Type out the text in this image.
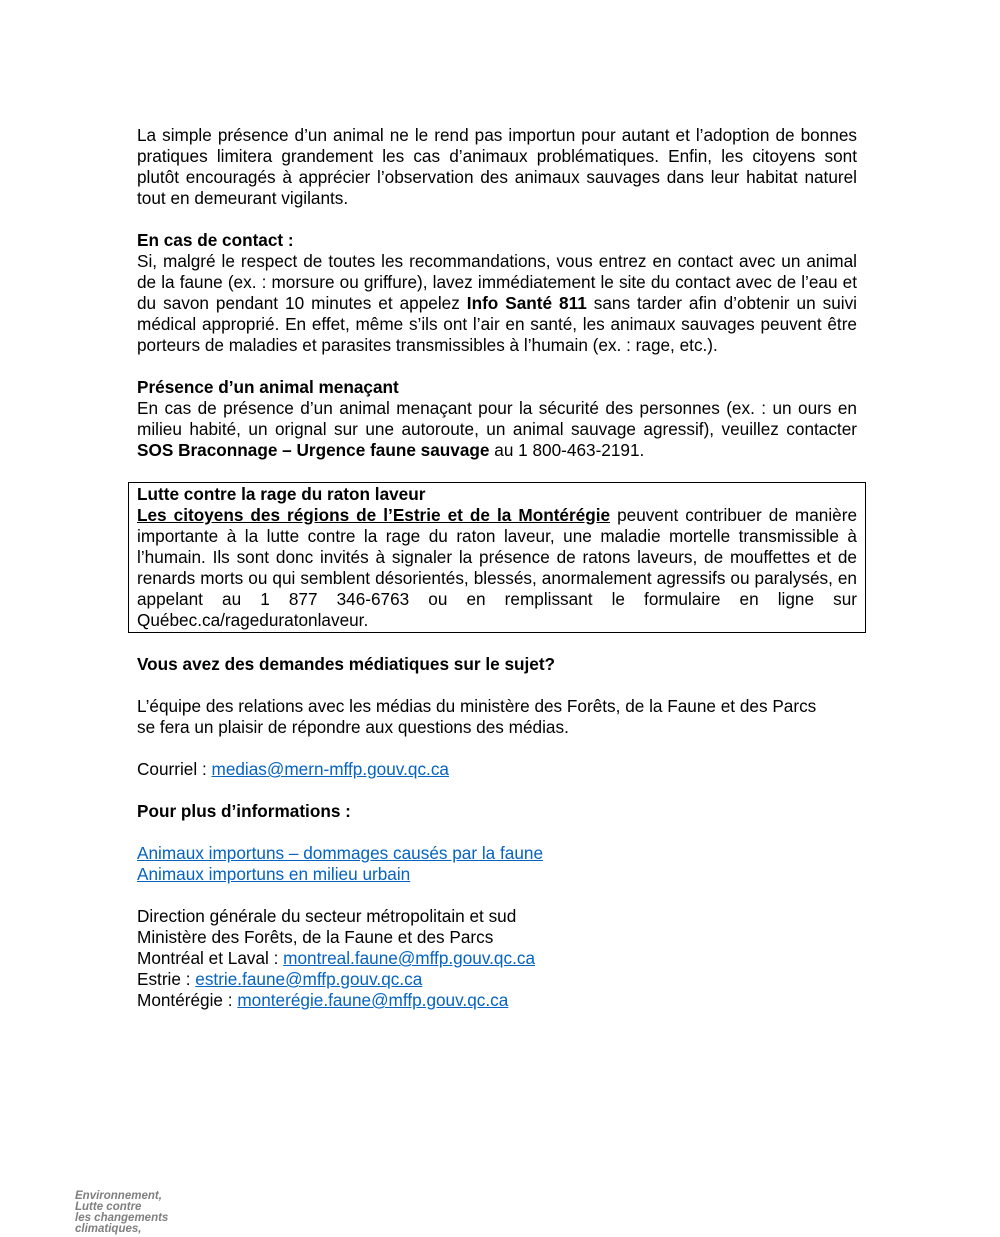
La simple présence d’un animal ne le rend pas importun pour autant et l’adoption de bonnes pratiques limitera grandement les cas d’animaux problématiques. Enfin, les citoyens sont plutôt encouragés à apprécier l’observation des animaux sauvages dans leur habitat naturel tout en demeurant vigilants.

En cas de contact :

Si, malgré le respect de toutes les recommandations, vous entrez en contact avec un animal de la faune (ex. : morsure ou griffure), lavez immédiatement le site du contact avec de l’eau et du savon pendant 10 minutes et appelez Info Santé 811 sans tarder afin d’obtenir un suivi médical approprié. En effet, même s’ils ont l’air en santé, les animaux sauvages peuvent être porteurs de maladies et parasites transmissibles à l’humain (ex. : rage, etc.).

Présence d’un animal menaçant

En cas de présence d’un animal menaçant pour la sécurité des personnes (ex. : un ours en milieu habité, un orignal sur une autoroute, un animal sauvage agressif), veuillez contacter SOS Braconnage – Urgence faune sauvage au 1 800-463-2191.

Lutte contre la rage du raton laveur

Les citoyens des régions de l’Estrie et de la Montérégie peuvent contribuer de manière importante à la lutte contre la rage du raton laveur, une maladie mortelle transmissible à l’humain. Ils sont donc invités à signaler la présence de ratons laveurs, de mouffettes et de renards morts ou qui semblent désorientés, blessés, anormalement agressifs ou paralysés, en appelant au 1 877 346-6763 ou en remplissant le formulaire en ligne sur Québec.ca/rageduratonlaveur.

Vous avez des demandes médiatiques sur le sujet?

L’équipe des relations avec les médias du ministère des Forêts, de la Faune et des Parcs se fera un plaisir de répondre aux questions des médias.

Courriel : medias@mern-mffp.gouv.qc.ca

Pour plus d’informations :

Animaux importuns – dommages causés par la faune

Animaux importuns en milieu urbain

Direction générale du secteur métropolitain et sud

Ministère des Forêts, de la Faune et des Parcs

Montréal et Laval : montreal.faune@mffp.gouv.qc.ca

Estrie : estrie.faune@mffp.gouv.qc.ca

Montérégie : monterégie.faune@mffp.gouv.qc.ca

Environnement,
Lutte contre
les changements
climatiques,
